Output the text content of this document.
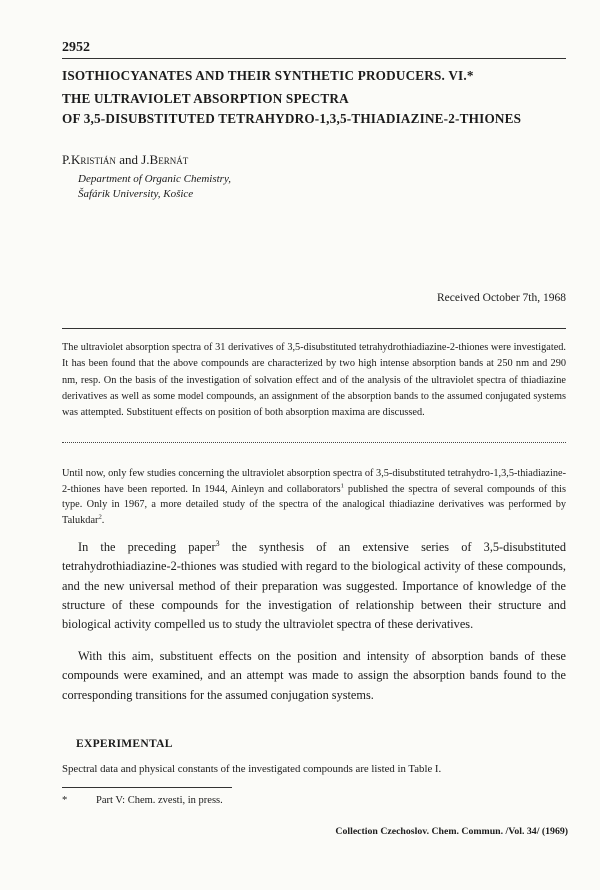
2952
ISOTHIOCYANATES AND THEIR SYNTHETIC PRODUCERS. VI.*
THE ULTRAVIOLET ABSORPTION SPECTRA
OF 3,5-DISUBSTITUTED TETRAHYDRO-1,3,5-THIADIAZINE-2-THIONES
P.Kristián and J.Bernát
Department of Organic Chemistry,
Šafárik University, Košice
Received October 7th, 1968
The ultraviolet absorption spectra of 31 derivatives of 3,5-disubstituted tetrahydrothiadiazine-2-thiones were investigated. It has been found that the above compounds are characterized by two high intense absorption bands at 250 nm and 290 nm, resp. On the basis of the investigation of solvation effect and of the analysis of the ultraviolet spectra of thiadiazine derivatives as well as some model compounds, an assignment of the absorption bands to the assumed conjugated systems was attempted. Substituent effects on position of both absorption maxima are discussed.
Until now, only few studies concerning the ultraviolet absorption spectra of 3,5-disubstituted tetrahydro-1,3,5-thiadiazine-2-thiones have been reported. In 1944, Ainleyn and collaborators$^1$ published the spectra of several compounds of this type. Only in 1967, a more detailed study of the spectra of the analogical thiadiazine derivatives was performed by Talukdar$^2$.
In the preceding paper$^3$ the synthesis of an extensive series of 3,5-disubstituted tetrahydrothiadiazine-2-thiones was studied with regard to the biological activity of these compounds, and the new universal method of their preparation was suggested. Importance of knowledge of the structure of these compounds for the investigation of relationship between their structure and biological activity compelled us to study the ultraviolet spectra of these derivatives.
With this aim, substituent effects on the position and intensity of absorption bands of these compounds were examined, and an attempt was made to assign the absorption bands found to the corresponding transitions for the assumed conjugation systems.
EXPERIMENTAL
Spectral data and physical constants of the investigated compounds are listed in Table I.
*	Part V: Chem. zvesti, in press.
Collection Czechoslov. Chem. Commun. /Vol. 34/ (1969)
